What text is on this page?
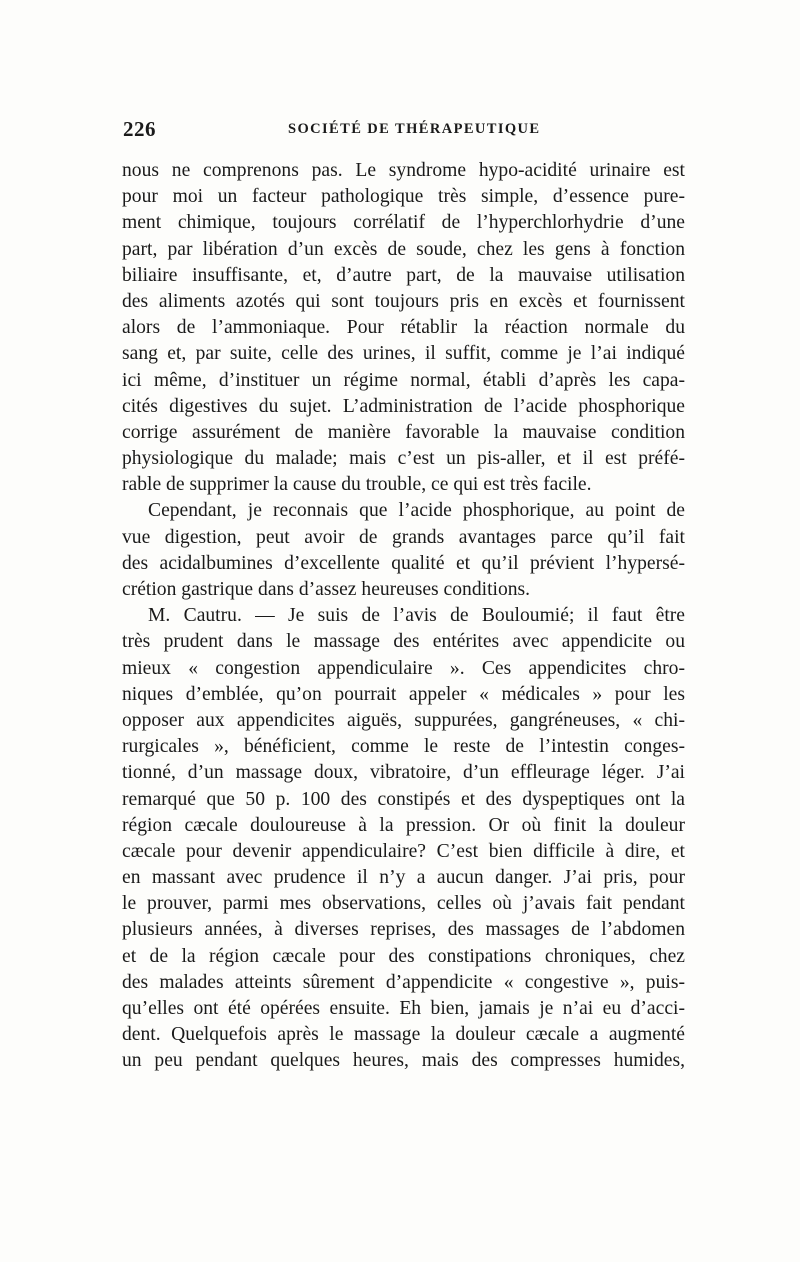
226	SOCIÉTÉ DE THÉRAPEUTIQUE
nous ne comprenons pas. Le syndrome hypo-acidité urinaire est
pour moi un facteur pathologique très simple, d’essence pure-
ment chimique, toujours corrélatif de l’hyperchlorhydrie d’une
part, par libération d’un excès de soude, chez les gens à fonction
biliaire insuffisante, et, d’autre part, de la mauvaise utilisation
des aliments azotés qui sont toujours pris en excès et fournissent
alors de l’ammoniaque. Pour rétablir la réaction normale du
sang et, par suite, celle des urines, il suffit, comme je l’ai indiqué
ici même, d’instituer un régime normal, établi d’après les capa-
cités digestives du sujet. L’administration de l’acide phosphorique
corrige assurément de manière favorable la mauvaise condition
physiologique du malade; mais c’est un pis-aller, et il est préfé-
rable de supprimer la cause du trouble, ce qui est très facile.
Cependant, je reconnais que l’acide phosphorique, au point de
vue digestion, peut avoir de grands avantages parce qu’il fait
des acidalbumines d’excellente qualité et qu’il prévient l’hypersé-
crétion gastrique dans d’assez heureuses conditions.
M. Cautru. — Je suis de l’avis de Bouloumié; il faut être
très prudent dans le massage des entérites avec appendicite ou
mieux « congestion appendiculaire ». Ces appendicites chro-
niques d’emblée, qu’on pourrait appeler « médicales » pour les
opposer aux appendicites aiguës, suppurées, gangréneuses, « chi-
rurgicales », bénéficient, comme le reste de l’intestin conges-
tionné, d’un massage doux, vibratoire, d’un effleurage léger. J’ai
remarqué que 50 p. 100 des constipés et des dyspeptiques ont la
région cæcale douloureuse à la pression. Or où finit la douleur
cæcale pour devenir appendiculaire? C’est bien difficile à dire, et
en massant avec prudence il n’y a aucun danger. J’ai pris, pour
le prouver, parmi mes observations, celles où j’avais fait pendant
plusieurs années, à diverses reprises, des massages de l’abdomen
et de la région cæcale pour des constipations chroniques, chez
des malades atteints sûrement d’appendicite « congestive », puis-
qu’elles ont été opérées ensuite. Eh bien, jamais je n’ai eu d’acci-
dent. Quelquefois après le massage la douleur cæcale a augmenté
un peu pendant quelques heures, mais des compresses humides,
